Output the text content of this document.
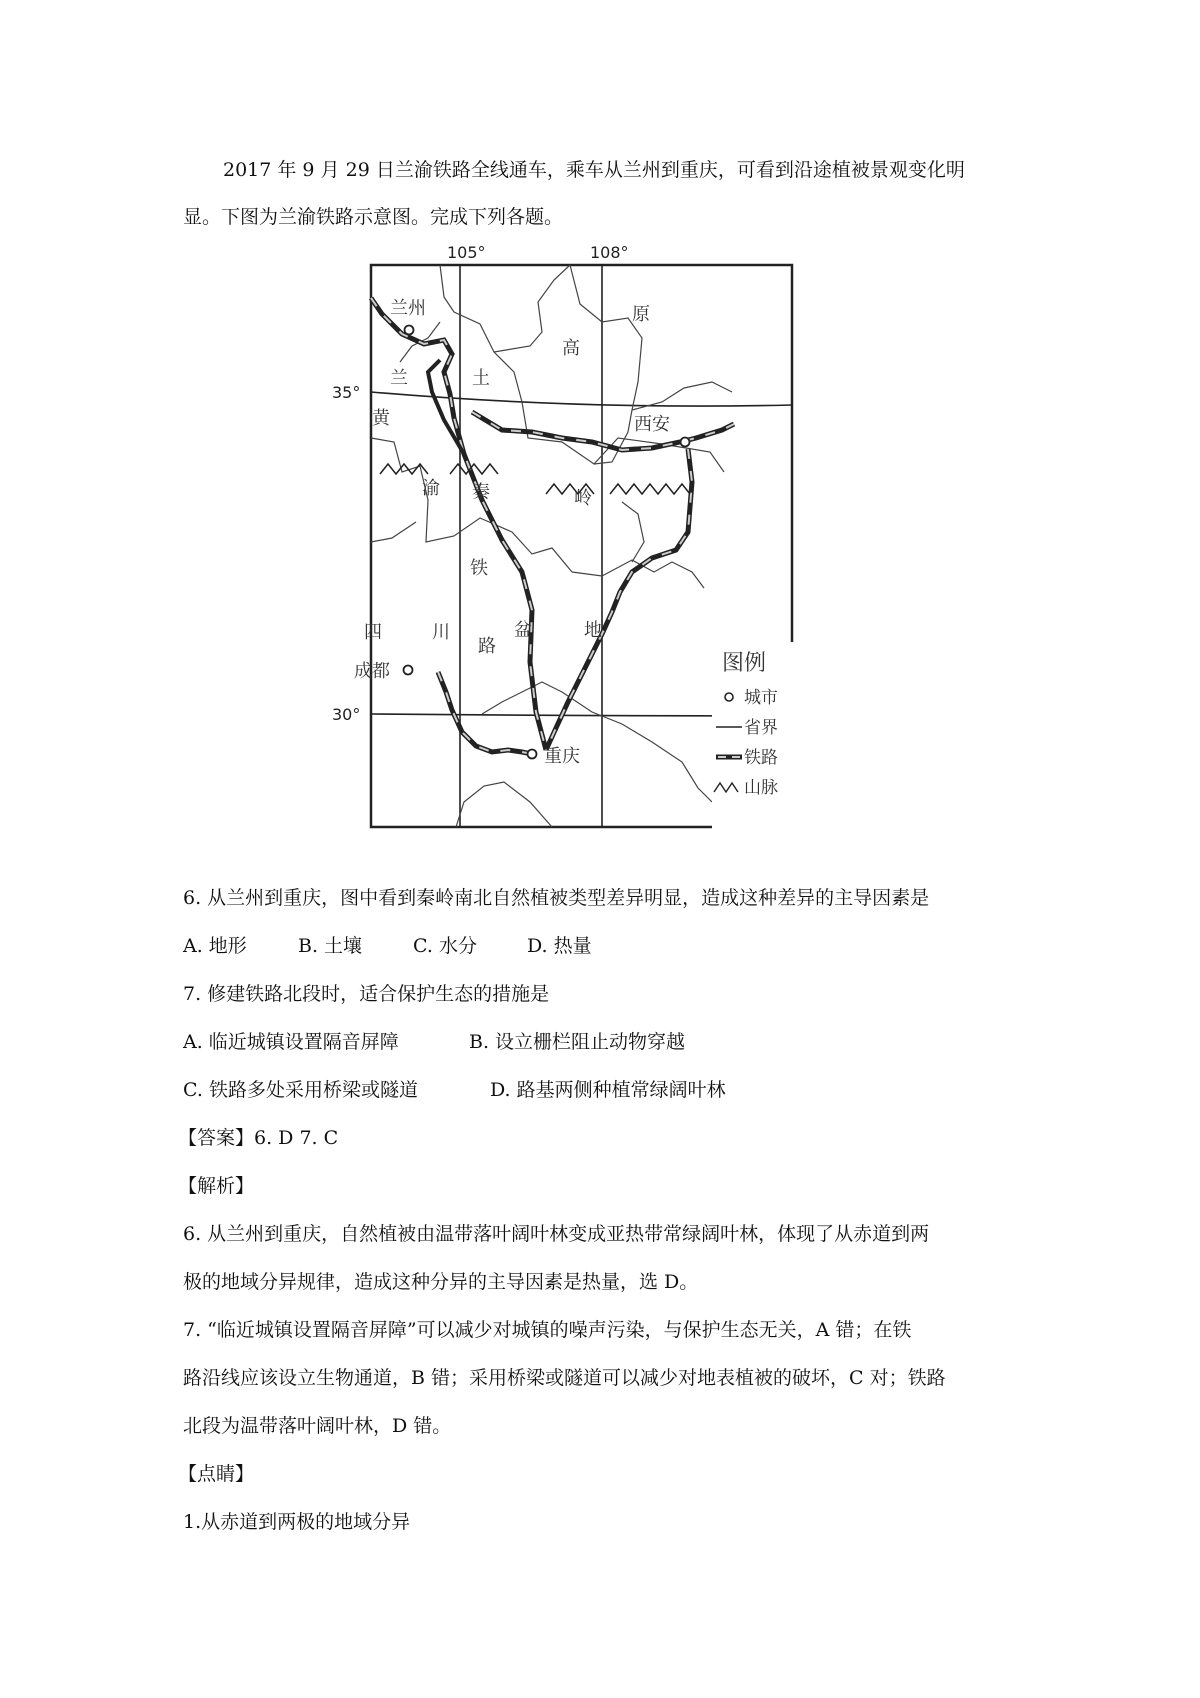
2017 年 9 月 29 日兰渝铁路全线通车，乘车从兰州到重庆，可看到沿途植被景观变化明
显。下图为兰渝铁路示意图。完成下列各题。
105°	108°
35°
30°
兰州
西安
成都
重庆
原
高
兰	土
黄
渝 秦	岭
铁
四	川
路
盆	地
图例
城市
省界
铁路
山脉
6. 从兰州到重庆，图中看到秦岭南北自然植被类型差异明显，造成这种差异的主导因素是
A. 地形	B. 土壤	C. 水分	D. 热量
7. 修建铁路北段时，适合保护生态的措施是
A. 临近城镇设置隔音屏障	B. 设立栅栏阻止动物穿越
C. 铁路多处采用桥梁或隧道	D. 路基两侧种植常绿阔叶林
【答案】6. D 7. C
【解析】
6. 从兰州到重庆，自然植被由温带落叶阔叶林变成亚热带常绿阔叶林，体现了从赤道到两
极的地域分异规律，造成这种分异的主导因素是热量，选 D。
7. “临近城镇设置隔音屏障”可以减少对城镇的噪声污染，与保护生态无关，A 错；在铁
路沿线应该设立生物通道，B 错；采用桥梁或隧道可以减少对地表植被的破坏，C 对；铁路
北段为温带落叶阔叶林，D 错。
【点睛】
1.从赤道到两极的地域分异
